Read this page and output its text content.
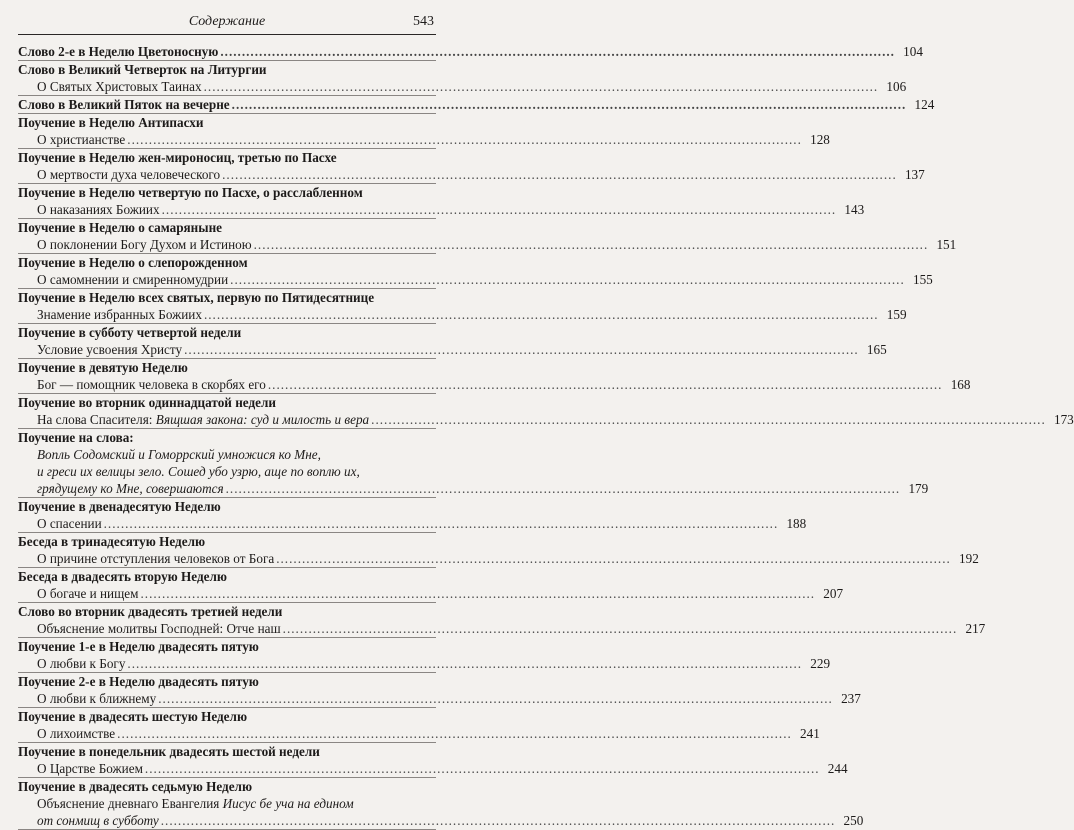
Содержание	543
Слово 2-е в Неделю Цветоносную .....	104
Слово в Великий Четверток на Литургии
О Святых Христовых Таинах .....	106
Слово в Великий Пяток на вечерне .....	124
Поучение в Неделю Антипасхи
О христианстве .....	128
Поучение в Неделю жен-мироносиц, третью по Пасхе
О мертвости духа человеческого .....	137
Поучение в Неделю четвертую по Пасхе, о расслабленном
О наказаниях Божиих .....	143
Поучение в Неделю о самаряныне
О поклонении Богу Духом и Истиною .....	151
Поучение в Неделю о слепорожденном
О самомнении и смиренномудрии .....	155
Поучение в Неделю всех святых, первую по Пятидесятнице
Знамение избранных Божиих .....	159
Поучение в субботу четвертой недели
Условие усвоения Христу .....	165
Поучение в девятую Неделю
Бог — помощник человека в скорбях его .....	168
Поучение во вторник одиннадцатой недели
На слова Спасителя: Вящшая закона: суд и милость и вера .....	173
Поучение на слова:
Вопль Содомский и Гоморрский умножися ко Мне,
и греси их велицы зело. Сошед убо узрю, аще по воплю их,
грядущему ко Мне, совершаются .....	179
Поучение в двенадесятую Неделю
О спасении .....	188
Беседа в тринадесятую Неделю
О причине отступления человеков от Бога .....	192
Беседа в двадесять вторую Неделю
О богаче и нищем .....	207
Слово во вторник двадесять третией недели
Объяснение молитвы Господней: Отче наш .....	217
Поучение 1-е в Неделю двадесять пятую
О любви к Богу .....	229
Поучение 2-е в Неделю двадесять пятую
О любви к ближнему .....	237
Поучение в двадесять шестую Неделю
О лихоимстве .....	241
Поучение в понедельник двадесять шестой недели
О Царстве Божием .....	244
Поучение в двадесять седьмую Неделю
Объяснение дневнаго Евангелия Иисус бе уча на едином
от сонмищ в субботу .....	250
